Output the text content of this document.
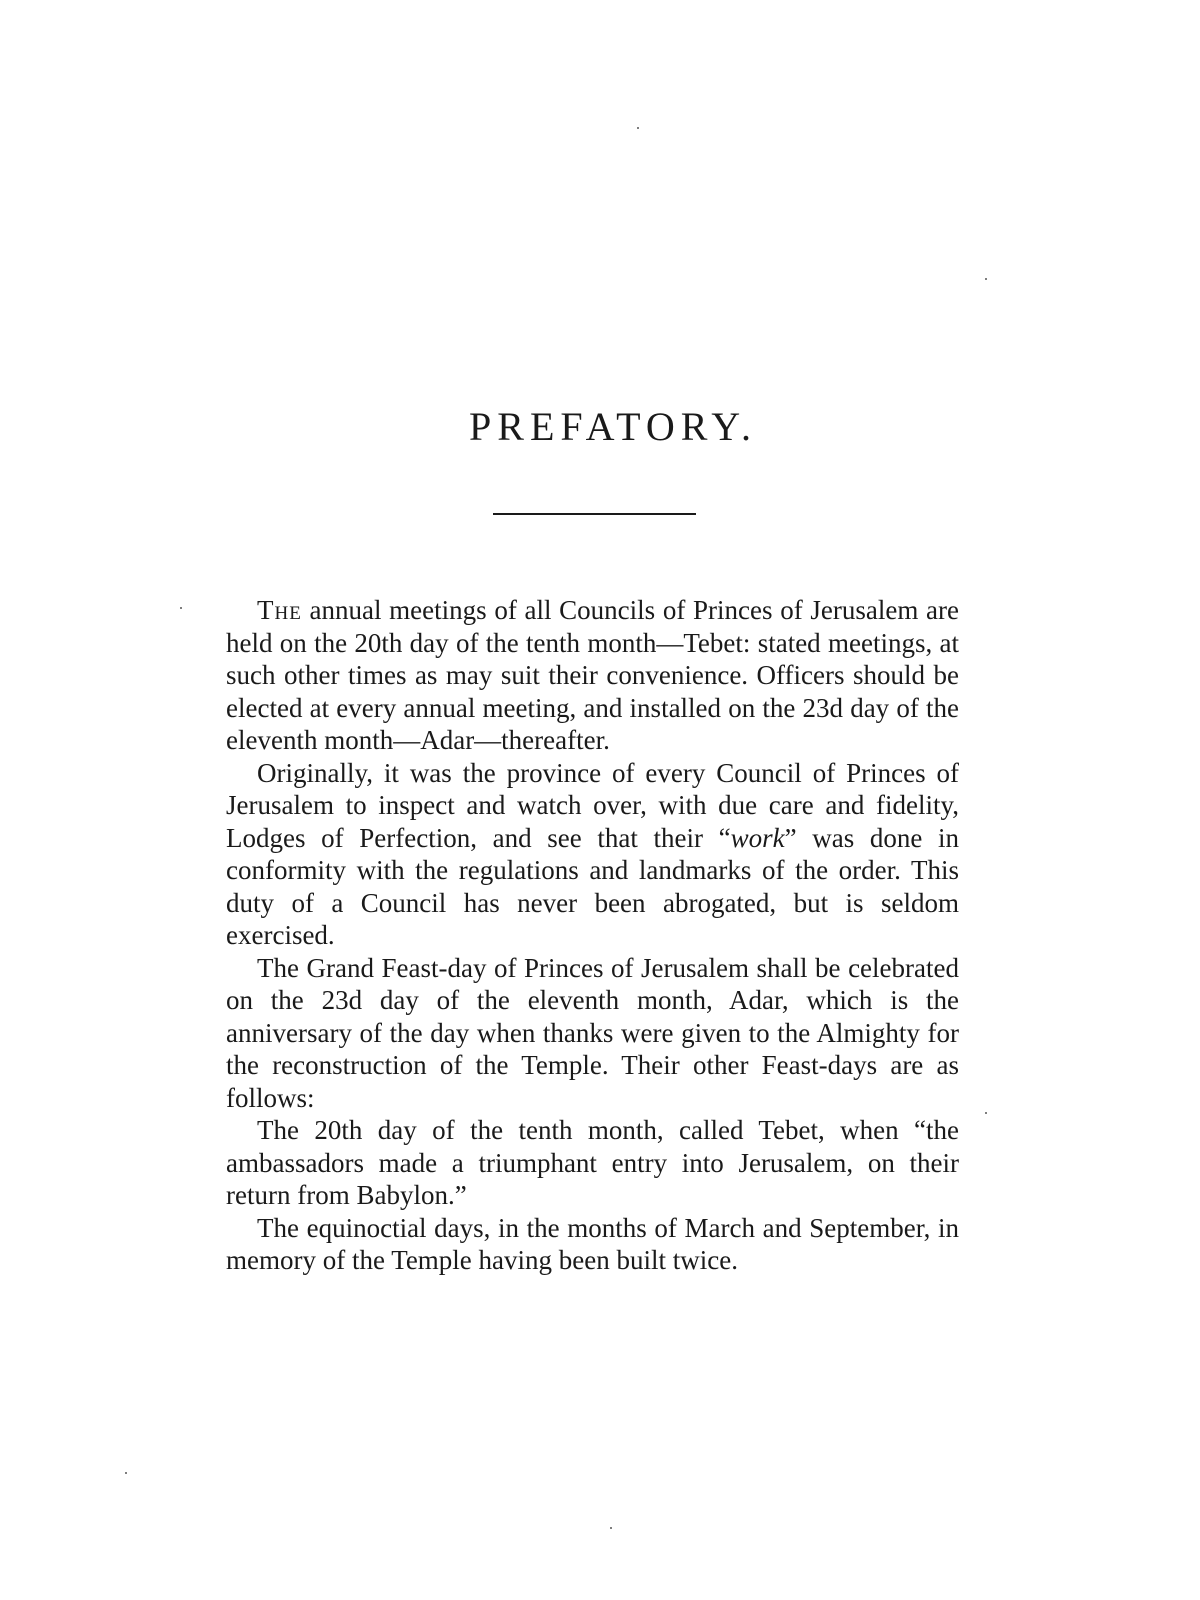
PREFATORY.

The annual meetings of all Councils of Princes of Jerusalem are held on the 20th day of the tenth month—Tebet: stated meetings, at such other times as may suit their convenience. Officers should be elected at every annual meeting, and installed on the 23d day of the eleventh month—Adar—thereafter.

Originally, it was the province of every Council of Princes of Jerusalem to inspect and watch over, with due care and fidelity, Lodges of Perfection, and see that their “work” was done in conformity with the regulations and landmarks of the order. This duty of a Council has never been abrogated, but is seldom exercised.

The Grand Feast-day of Princes of Jerusalem shall be celebrated on the 23d day of the eleventh month, Adar, which is the anniversary of the day when thanks were given to the Almighty for the reconstruction of the Temple. Their other Feast-days are as follows:

The 20th day of the tenth month, called Tebet, when “the ambassadors made a triumphant entry into Jerusalem, on their return from Babylon.”

The equinoctial days, in the months of March and September, in memory of the Temple having been built twice.
